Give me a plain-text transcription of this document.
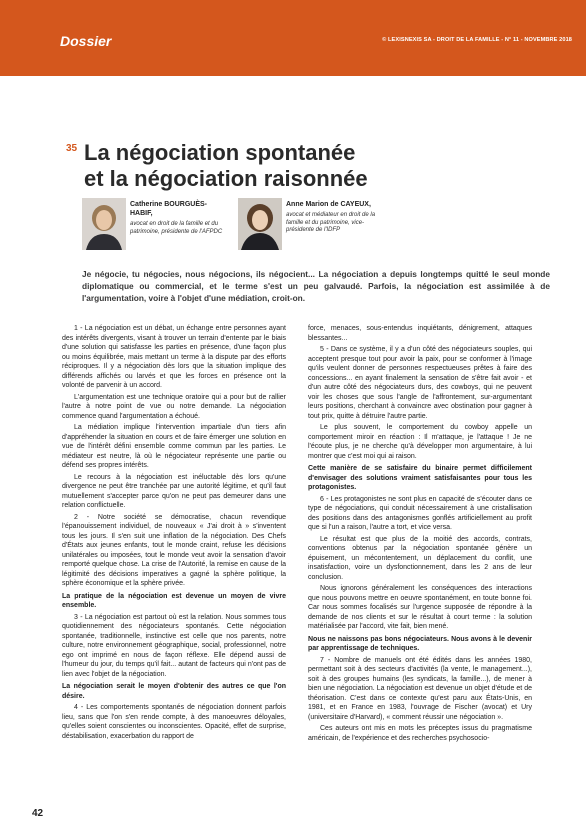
Dossier	© LEXISNEXIS SA - DROIT DE LA FAMILLE - N° 11 - NOVEMBRE 2018
35 La négociation spontanée
et la négociation raisonnée
Catherine BOURGUÈS-
HABIF,
avocat en droit de la famille et du patrimoine, présidente de l'AFPDC
Anne Marion de CAYEUX,
avocat et médiateur en droit de la famille et du patrimoine, vice-présidente de l'IDFP

Je négocie, tu négocies, nous négocions, ils négocient... La négociation a depuis longtemps quitté le seul monde diplomatique ou commercial, et le terme s'est un peu galvaudé. Parfois, la négociation est assimilée à de l'argumentation, voire à l'objet d'une médiation, croit-on.

1 - La négociation est un débat, un échange entre personnes ayant des intérêts divergents, visant à trouver un terrain d'entente par le biais d'une solution qui satisfasse les parties en présence, d'une façon plus ou moins équilibrée, mais mettant un terme à la dispute par des efforts réciproques. Il y a négociation dès lors que la situation implique des différends affichés ou larvés et que les forces en présence ont la volonté de parvenir à un accord.

L'argumentation est une technique oratoire qui a pour but de rallier l'autre à notre point de vue ou notre demande. La négociation commence quand l'argumentation a échoué.

La médiation implique l'intervention impartiale d'un tiers afin d'appréhender la situation en cours et de faire émerger une solution en vue de l'intérêt défini ensemble comme commun par les parties. Le médiateur est neutre, là où le négociateur représente une partie ou défend ses propres intérêts.

Le recours à la négociation est inéluctable dès lors qu'une divergence ne peut être tranchée par une autorité légitime, et qu'il faut mutuellement s'accepter parce qu'on ne peut pas demeurer dans une relation conflictuelle.

2 - Notre société se démocratise, chacun revendique l'épanouissement individuel, de nouveaux « J'ai droit à » s'inventent tous les jours. Il s'en suit une inflation de la négociation. Des Chefs d'États aux jeunes enfants, tout le monde craint, refuse les décisions unilatérales ou imposées, tout le monde veut avoir la sensation d'avoir remporté quelque chose. La crise de l'Autorité, la remise en cause de la légitimité des décisions imperatives a gagné la sphère politique, la sphère économique et la sphère privée.

La pratique de la négociation est devenue un moyen de vivre ensemble.

3 - La négociation est partout où est la relation. Nous sommes tous quotidiennement des négociateurs spontanés. Cette négociation spontanée, traditionnelle, instinctive est celle que nos parents, notre culture, notre environnement géographique, social, professionnel, notre ego ont imprimé en nous de façon réflexe. Elle dépend aussi de l'humeur du jour, du temps qu'il fait... autant de facteurs qui n'ont pas de lien avec l'objet de la négociation.

La négociation serait le moyen d'obtenir des autres ce que l'on désire.

4 - Les comportements spontanés de négociation donnent parfois lieu, sans que l'on s'en rende compte, à des manoeuvres déloyales, qu'elles soient conscientes ou inconscientes. Opacité, effet de surprise, déstabilisation, exacerbation du rapport de

force, menaces, sous-entendus inquiétants, dénigrement, attaques blessantes...

5 - Dans ce système, il y a d'un côté des négociateurs souples, qui acceptent presque tout pour avoir la paix, pour se conformer à l'image qu'ils veulent donner de personnes respectueuses prêtes à faire des concessions... en ayant finalement la sensation de s'être fait avoir - et d'un autre côté des négociateurs durs, des cowboys, qui ne peuvent voir les choses que sous l'angle de l'affrontement, sur-argumentant leurs positions, cherchant à convaincre avec obstination pour gagner à tout prix, quitte à détruire l'autre partie.

Le plus souvent, le comportement du cowboy appelle un comportement miroir en réaction : Il m'attaque, je l'attaque ! Je ne l'écoute plus, je ne cherche qu'à développer mon argumentaire, à lui montrer que c'est moi qui ai raison.

Cette manière de se satisfaire du binaire permet difficilement d'envisager des solutions vraiment satisfaisantes pour tous les protagonistes.

6 - Les protagonistes ne sont plus en capacité de s'écouter dans ce type de négociations, qui conduit nécessairement à une cristallisation des positions dans des antagonismes gonflés artificiellement au profit que si l'un a raison, l'autre a tort, et vice versa.

Le résultat est que plus de la moitié des accords, contrats, conventions obtenus par la négociation spontanée génère un épuisement, un mécontentement, un déplacement du conflit, une insatisfaction, voire un dysfonctionnement, dans les 2 ans de leur conclusion.

Nous ignorons généralement les conséquences des interactions que nous pouvons mettre en oeuvre spontanément, en toute bonne foi. Car nous sommes focalisés sur l'urgence supposée de répondre à la demande de nos clients et sur le résultat à court terme : la solution matérialisée par l'accord, vite fait, bien mené.

Nous ne naissons pas bons négociateurs. Nous avons à le devenir par apprentissage de techniques.

7 - Nombre de manuels ont été édités dans les années 1980, permettant soit à des secteurs d'activités (la vente, le management...), soit à des groupes humains (les syndicats, la famille...), de mener à bien une négociation. La négociation est devenue un objet d'étude et de théorisation. C'est dans ce contexte qu'est paru aux États-Unis, en 1981, et en France en 1983, l'ouvrage de Fischer (avocat) et Ury (universitaire d'Harvard), « comment réussir une négociation ».

Ces auteurs ont mis en mots les préceptes issus du pragmatisme américain, de l'expérience et des recherches psychosocio-

42
